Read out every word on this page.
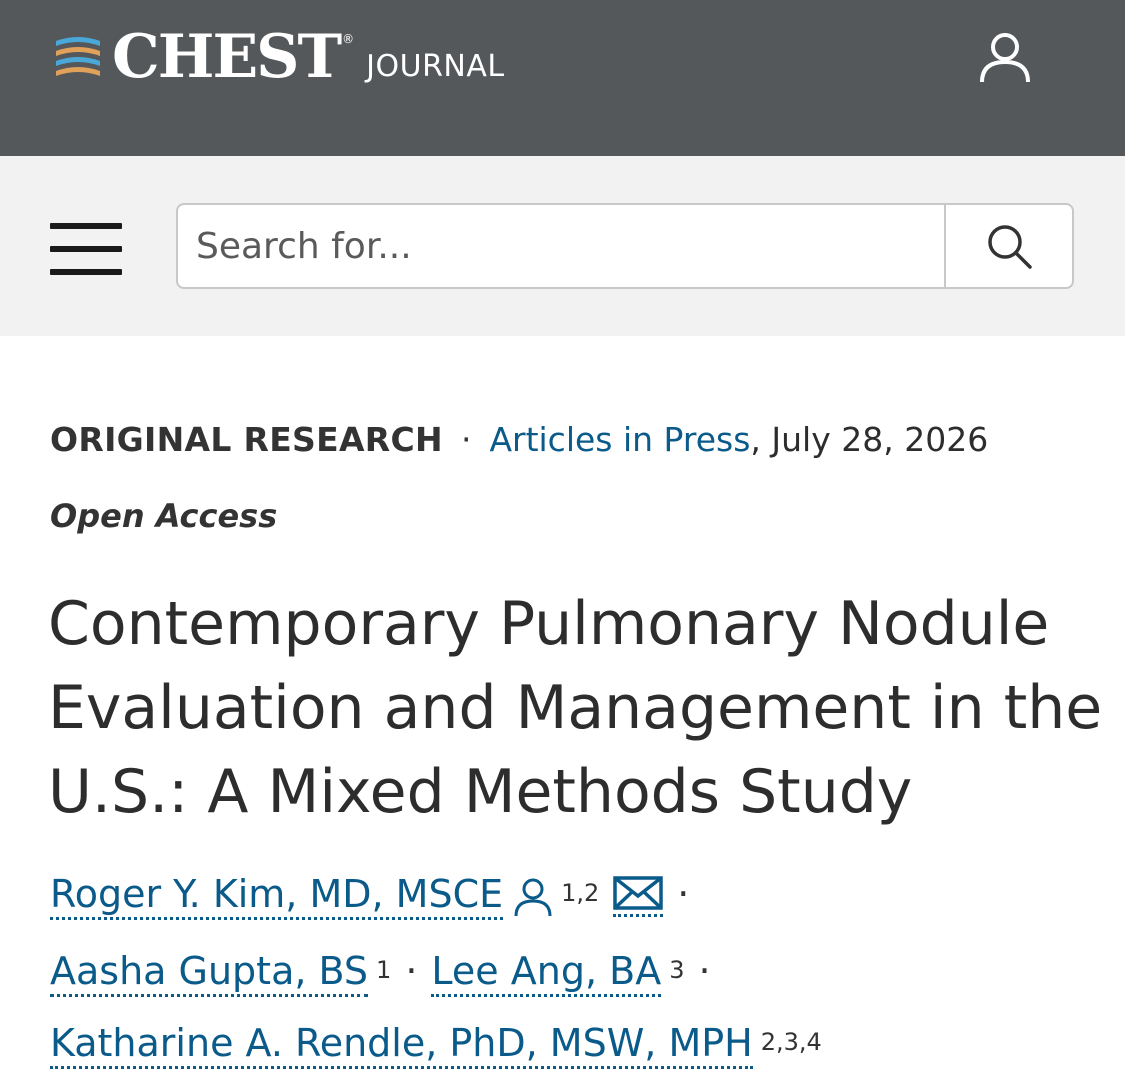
CHEST ®
JOURNAL
Search for...
ORIGINAL RESEARCH · Articles in Press , July 28, 2026
Open Access
Contemporary Pulmonary Nodule Evaluation and Management in the U.S.: A Mixed Methods Study
Roger Y. Kim, MD, MSCE 1,2 ·
Aasha Gupta, BS 1 · Lee Ang, BA 3 ·
Katharine A. Rendle, PhD, MSW, MPH 2,3,4
